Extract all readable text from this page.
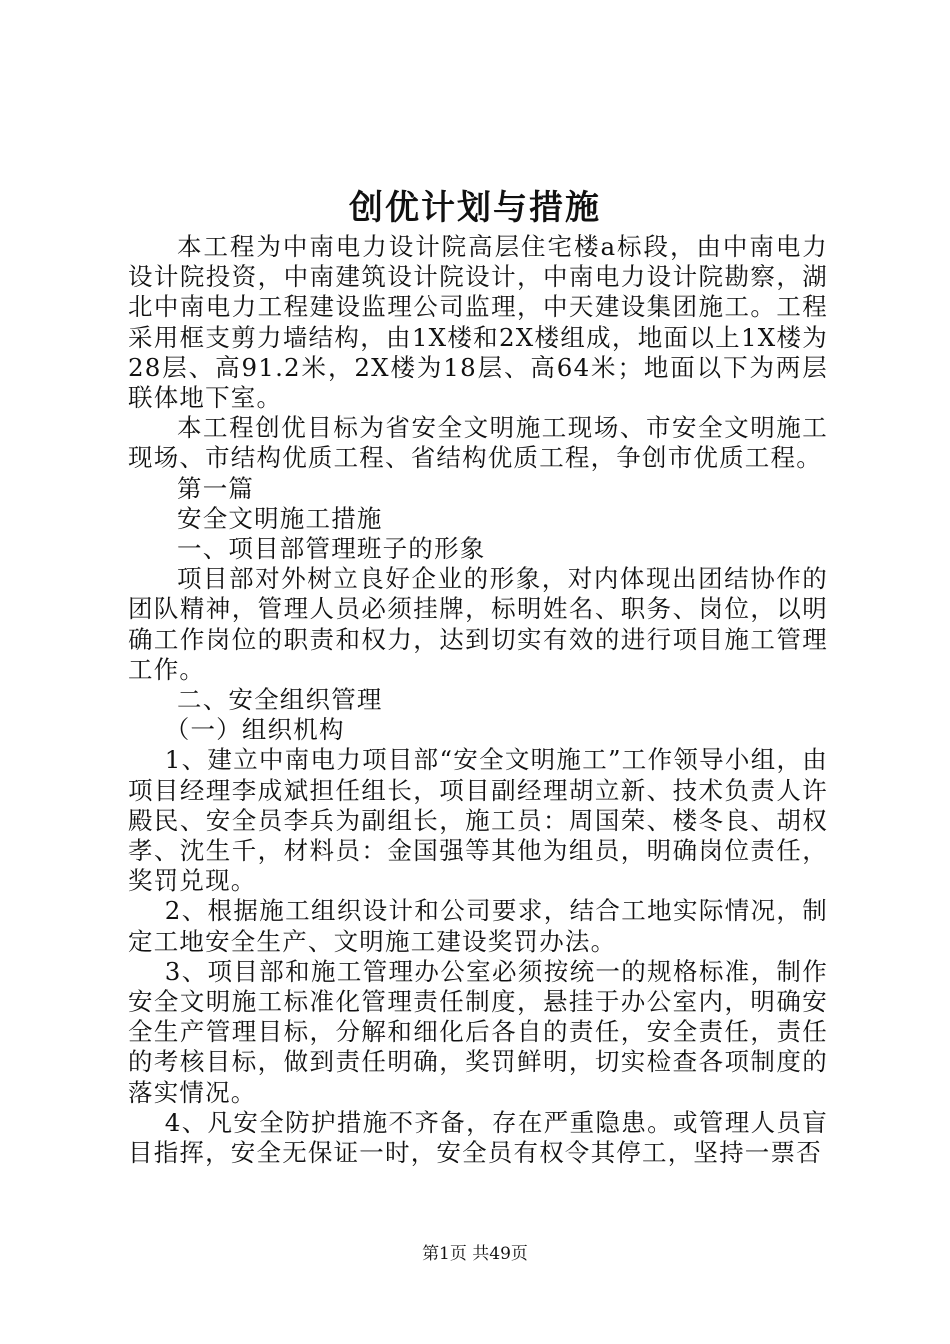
创优计划与措施

本工程为中南电力设计院高层住宅楼a标段，由中南电力设计院投资，中南建筑设计院设计，中南电力设计院勘察，湖北中南电力工程建设监理公司监理，中天建设集团施工。工程采用框支剪力墙结构，由1X楼和2X楼组成，地面以上1X楼为28层、高91.2米，2X楼为18层、高64米；地面以下为两层联体地下室。

本工程创优目标为省安全文明施工现场、市安全文明施工现场、市结构优质工程、省结构优质工程，争创市优质工程。

第一篇

安全文明施工措施

一、项目部管理班子的形象

项目部对外树立良好企业的形象，对内体现出团结协作的团队精神，管理人员必须挂牌，标明姓名、职务、岗位，以明确工作岗位的职责和权力，达到切实有效的进行项目施工管理工作。

二、安全组织管理

（一）组织机构

1、建立中南电力项目部“安全文明施工”工作领导小组，由项目经理李成斌担任组长，项目副经理胡立新、技术负责人许殿民、安全员李兵为副组长，施工员：周国荣、楼冬良、胡权孝、沈生千，材料员：金国强等其他为组员，明确岗位责任，奖罚兑现。

2、根据施工组织设计和公司要求，结合工地实际情况，制定工地安全生产、文明施工建设奖罚办法。

3、项目部和施工管理办公室必须按统一的规格标准，制作安全文明施工标准化管理责任制度，悬挂于办公室内，明确安全生产管理目标，分解和细化后各自的责任，安全责任，责任的考核目标，做到责任明确，奖罚鲜明，切实检查各项制度的落实情况。

4、凡安全防护措施不齐备，存在严重隐患。或管理人员盲目指挥，安全无保证一时，安全员有权令其停工，坚持一票否

第1页 共49页
